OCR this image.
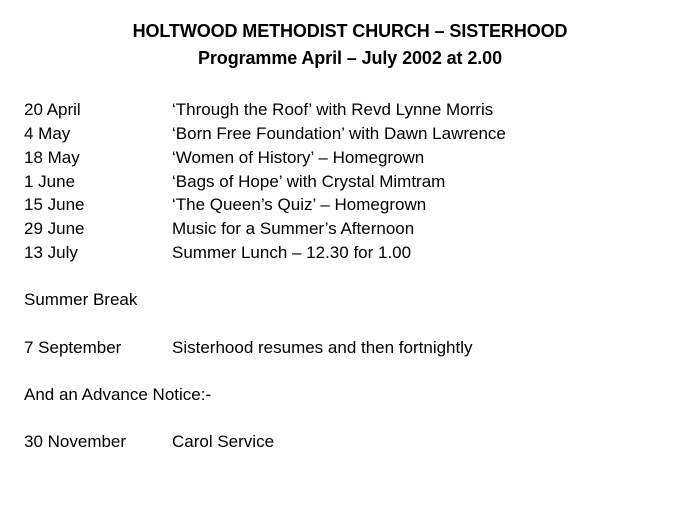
HOLTWOOD METHODIST CHURCH – SISTERHOOD
Programme April – July 2002 at 2.00
20 April	‘Through the Roof’ with Revd Lynne Morris
4 May	‘Born Free Foundation’ with Dawn Lawrence
18 May	‘Women of History’ – Homegrown
1 June	‘Bags of Hope’ with Crystal Mimtram
15 June	‘The Queen’s Quiz’ – Homegrown
29 June	Music for a Summer’s Afternoon
13 July	Summer Lunch – 12.30 for 1.00
Summer Break
7 September	Sisterhood resumes and then fortnightly
And an Advance Notice:-
30 November	Carol Service
